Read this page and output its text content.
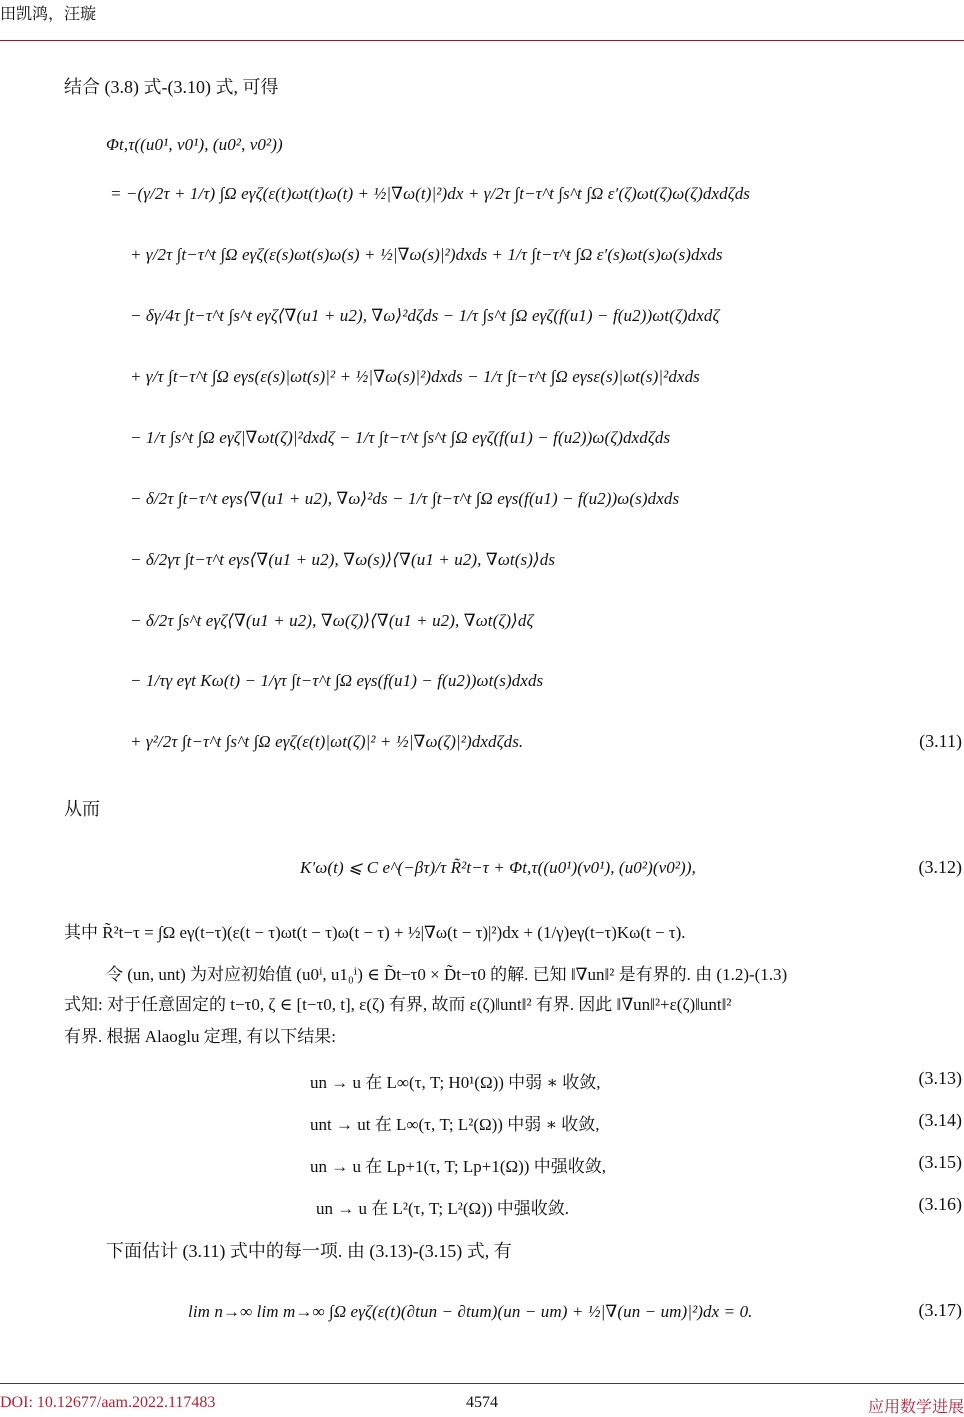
田凯鸿，汪璇
结合 (3.8) 式-(3.10) 式, 可得
Φt,τ((u0¹, v0¹), (u0², v0²))
= −(γ/2τ + 1/τ) ∫Ω eγζ(ε(t)ωt(t)ω(t) + ½|∇ω(t)|²)dx + γ/2τ ∫t−τ^t ∫s^t ∫Ω ε′(ζ)ωt(ζ)ω(ζ)dxdζds
+ γ/2τ ∫t−τ^t ∫Ω eγζ(ε(s)ωt(s)ω(s) + ½|∇ω(s)|²)dxds + 1/τ ∫t−τ^t ∫Ω ε′(s)ωt(s)ω(s)dxds
− δγ/4τ ∫t−τ^t ∫s^t eγζ⟨∇(u1 + u2), ∇ω⟩²dζds − 1/τ ∫s^t ∫Ω eγζ(f(u1) − f(u2))ωt(ζ)dxdζ
+ γ/τ ∫t−τ^t ∫Ω eγs(ε(s)|ωt(s)|² + ½|∇ω(s)|²)dxds − 1/τ ∫t−τ^t ∫Ω eγsε(s)|ωt(s)|²dxds
− 1/τ ∫s^t ∫Ω eγζ|∇ωt(ζ)|²dxdζ − 1/τ ∫t−τ^t ∫s^t ∫Ω eγζ(f(u1) − f(u2))ω(ζ)dxdζds
− δ/2τ ∫t−τ^t eγs⟨∇(u1 + u2), ∇ω⟩²ds − 1/τ ∫t−τ^t ∫Ω eγs(f(u1) − f(u2))ω(s)dxds
− δ/2γτ ∫t−τ^t eγs⟨∇(u1 + u2), ∇ω(s)⟩⟨∇(u1 + u2), ∇ωt(s)⟩ds
− δ/2τ ∫s^t eγζ⟨∇(u1 + u2), ∇ω(ζ)⟩⟨∇(u1 + u2), ∇ωt(ζ)⟩dζ
− 1/τγ eγt Kω(t) − 1/γτ ∫t−τ^t ∫Ω eγs(f(u1) − f(u2))ωt(s)dxds
+ γ²/2τ ∫t−τ^t ∫s^t ∫Ω eγζ(ε(t)|ωt(ζ)|² + ½|∇ω(ζ)|²)dxdζds.	(3.11)
从而
K′ω(t) ⩽ C e^(−βτ)/τ R̃²t−τ + Φt,τ((u0¹)(v0¹), (u0²)(v0²)),	(3.12)
其中 R̃²t−τ = ∫Ω eγ(t−τ)(ε(t − τ)ωt(t − τ)ω(t − τ) + ½|∇ω(t − τ)|²)dx + (1/γ)eγ(t−τ)Kω(t − τ).
令 (un, unt) 为对应初始值 (u0ⁱ, u1₀ⁱ) ∈ D̃t−τ0 × D̃t−τ0 的解. 已知 ‖∇un‖² 是有界的. 由 (1.2)-(1.3)
式知: 对于任意固定的 t−τ0, ζ ∈ [t−τ0, t], ε(ζ) 有界, 故而 ε(ζ)‖unt‖² 有界. 因此 ‖∇un‖²+ε(ζ)‖unt‖²
有界. 根据 Alaoglu 定理, 有以下结果:
un → u 在 L∞(τ, T; H0¹(Ω)) 中弱 ∗ 收敛,	(3.13)
unt → ut 在 L∞(τ, T; L²(Ω)) 中弱 ∗ 收敛,	(3.14)
un → u 在 Lp+1(τ, T; Lp+1(Ω)) 中强收敛,	(3.15)
un → u 在 L²(τ, T; L²(Ω)) 中强收敛.	(3.16)
下面估计 (3.11) 式中的每一项. 由 (3.13)-(3.15) 式, 有
lim n→∞ lim m→∞ ∫Ω eγζ(ε(t)(∂tun − ∂tum)(un − um) + ½|∇(un − um)|²)dx = 0.	(3.17)
DOI: 10.12677/aam.2022.117483	4574	应用数学进展
